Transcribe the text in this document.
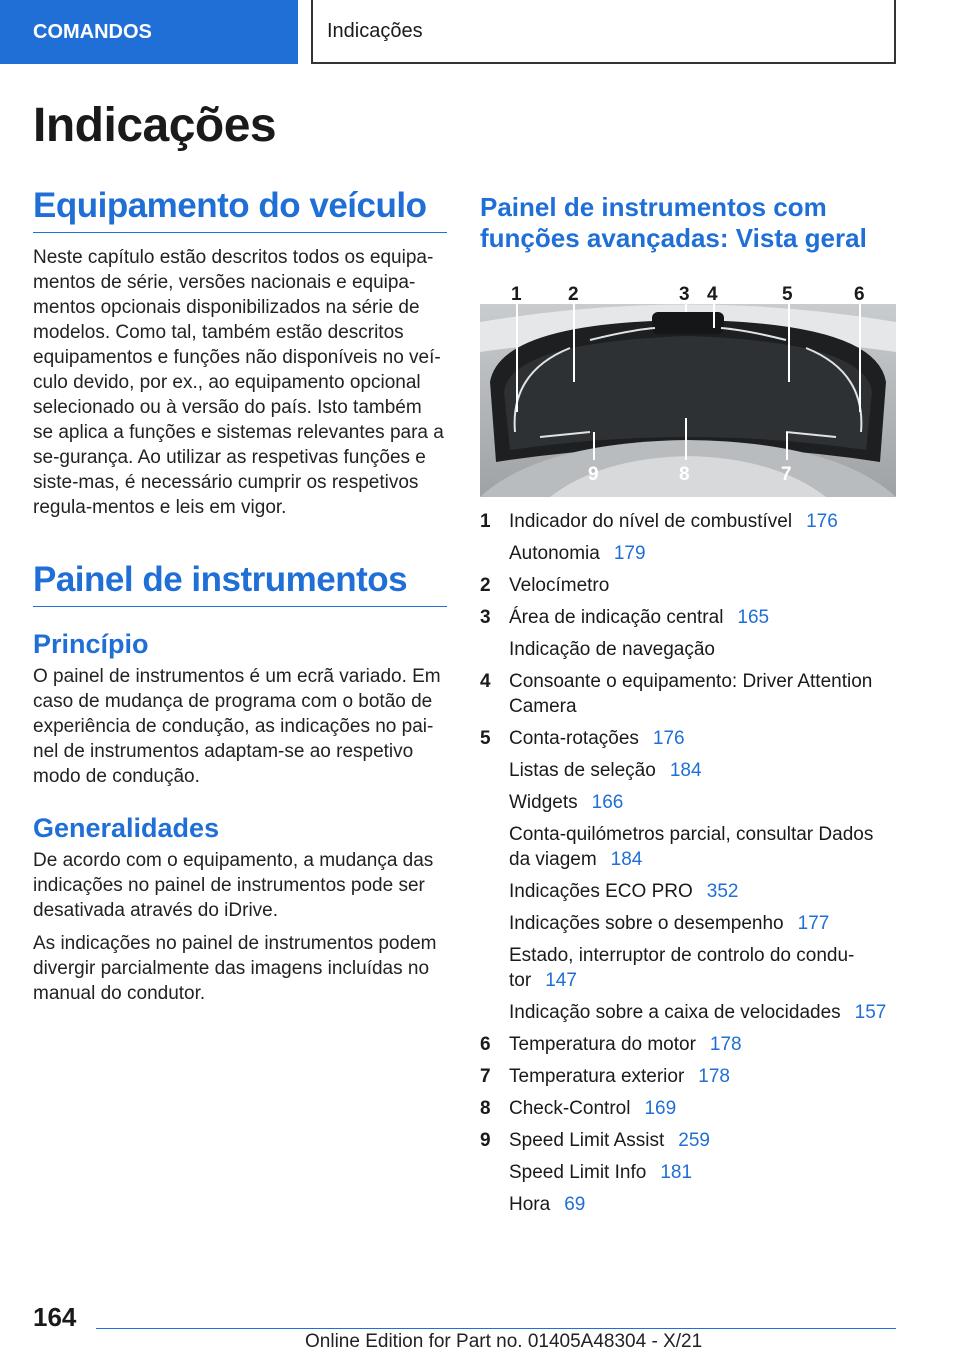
COMANDOS	Indicações
Indicações
Equipamento do veículo

Neste capítulo estão descritos todos os equipa-mentos de série, versões nacionais e equipa-mentos opcionais disponibilizados na série de modelos. Como tal, também estão descritos equipamentos e funções não disponíveis no veí-culo devido, por ex., ao equipamento opcional selecionado ou à versão do país. Isto também se aplica a funções e sistemas relevantes para a se-gurança. Ao utilizar as respetivas funções e siste-mas, é necessário cumprir os respetivos regula-mentos e leis em vigor.

Painel de instrumentos
Princípio

O painel de instrumentos é um ecrã variado. Em caso de mudança de programa com o botão de experiência de condução, as indicações no pai-nel de instrumentos adaptam-se ao respetivo modo de condução.

Generalidades

De acordo com o equipamento, a mudança das indicações no painel de instrumentos pode ser desativada através do iDrive.

As indicações no painel de instrumentos podem divergir parcialmente das imagens incluídas no manual do condutor.

Painel de instrumentos com funções avançadas: Vista geral
1 2	3 4	5	6
9	8	7
1 Indicador do nível de combustível 176
Autonomia 179
2 Velocímetro
3 Área de indicação central 165
Indicação de navegação
4 Consoante o equipamento: Driver Attention Camera
5 Conta-rotações 176
Listas de seleção 184
Widgets 166
Conta-quilómetros parcial, consultar Dados da viagem 184
Indicações ECO PRO 352
Indicações sobre o desempenho 177
Estado, interruptor de controlo do condu-tor 147
Indicação sobre a caixa de velocidades 157
6 Temperatura do motor 178
7 Temperatura exterior 178
8 Check-Control 169
9 Speed Limit Assist 259
Speed Limit Info 181
Hora 69
164
Online Edition for Part no. 01405A48304 - X/21
